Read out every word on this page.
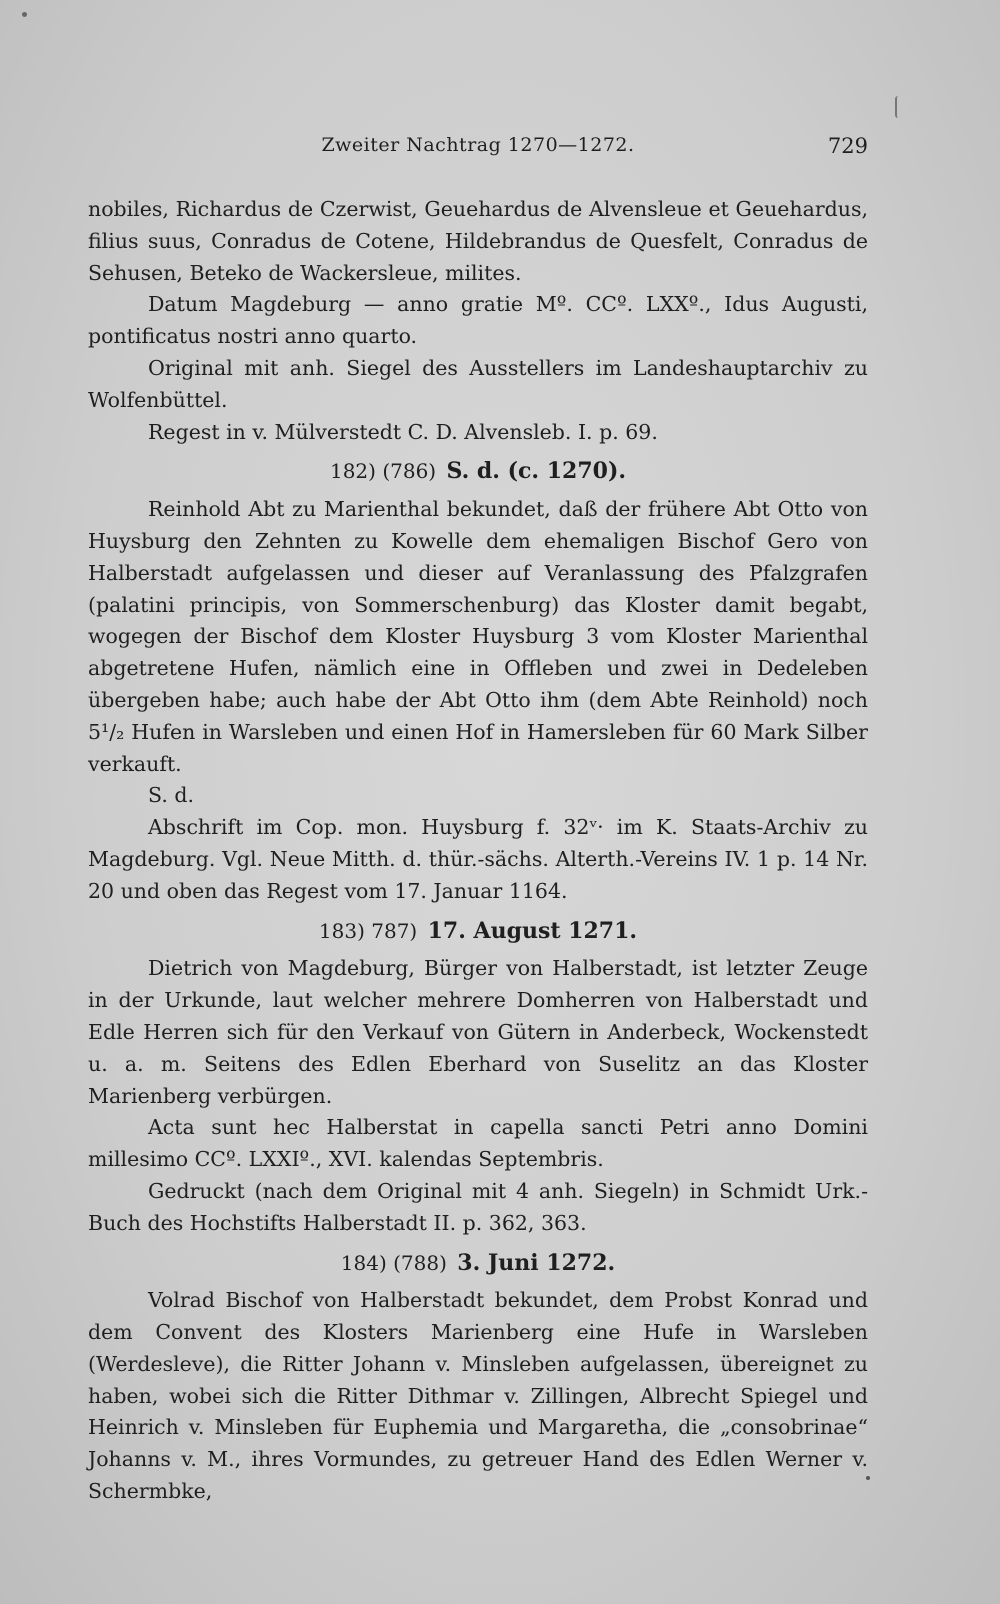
Zweiter Nachtrag 1270—1272.	729

nobiles, Richardus de Czerwist, Geuehardus de Alvensleue et Geuehardus, filius suus, Conradus de Cotene, Hildebrandus de Quesfelt, Conradus de Sehusen, Beteko de Wackersleue, milites.

Datum Magdeburg — anno gratie Mº. CCº. LXXº., Idus Augusti, pontificatus nostri anno quarto.

Original mit anh. Siegel des Ausstellers im Landeshauptarchiv zu Wolfenbüttel.

Regest in v. Mülverstedt C. D. Alvensleb. I. p. 69.

182) (786) S. d. (c. 1270).

Reinhold Abt zu Marienthal bekundet, daß der frühere Abt Otto von Huysburg den Zehnten zu Kowelle dem ehemaligen Bischof Gero von Halberstadt aufgelassen und dieser auf Veranlassung des Pfalzgrafen (palatini principis, von Sommerschenburg) das Kloster damit begabt, wogegen der Bischof dem Kloster Huysburg 3 vom Kloster Marienthal abgetretene Hufen, nämlich eine in Offleben und zwei in Dedeleben übergeben habe; auch habe der Abt Otto ihm (dem Abte Reinhold) noch 5¹/₂ Hufen in Warsleben und einen Hof in Hamersleben für 60 Mark Silber verkauft.

S. d.

Abschrift im Cop. mon. Huysburg f. 32ᵛ· im K. Staats-Archiv zu Magdeburg. Vgl. Neue Mitth. d. thür.-sächs. Alterth.-Vereins IV. 1 p. 14 Nr. 20 und oben das Regest vom 17. Januar 1164.

183) 787) 17. August 1271.

Dietrich von Magdeburg, Bürger von Halberstadt, ist letzter Zeuge in der Urkunde, laut welcher mehrere Domherren von Halberstadt und Edle Herren sich für den Verkauf von Gütern in Anderbeck, Wockenstedt u. a. m. Seitens des Edlen Eberhard von Suselitz an das Kloster Marienberg verbürgen.

Acta sunt hec Halberstat in capella sancti Petri anno Domini millesimo CCº. LXXIº., XVI. kalendas Septembris.

Gedruckt (nach dem Original mit 4 anh. Siegeln) in Schmidt Urk.-Buch des Hochstifts Halberstadt II. p. 362, 363.

184) (788) 3. Juni 1272.

Volrad Bischof von Halberstadt bekundet, dem Probst Konrad und dem Convent des Klosters Marienberg eine Hufe in Warsleben (Werdesleve), die Ritter Johann v. Minsleben aufgelassen, übereignet zu haben, wobei sich die Ritter Dithmar v. Zillingen, Albrecht Spiegel und Heinrich v. Minsleben für Euphemia und Margaretha, die „consobrinae“ Johanns v. M., ihres Vormundes, zu getreuer Hand des Edlen Werner v. Schermbke,
